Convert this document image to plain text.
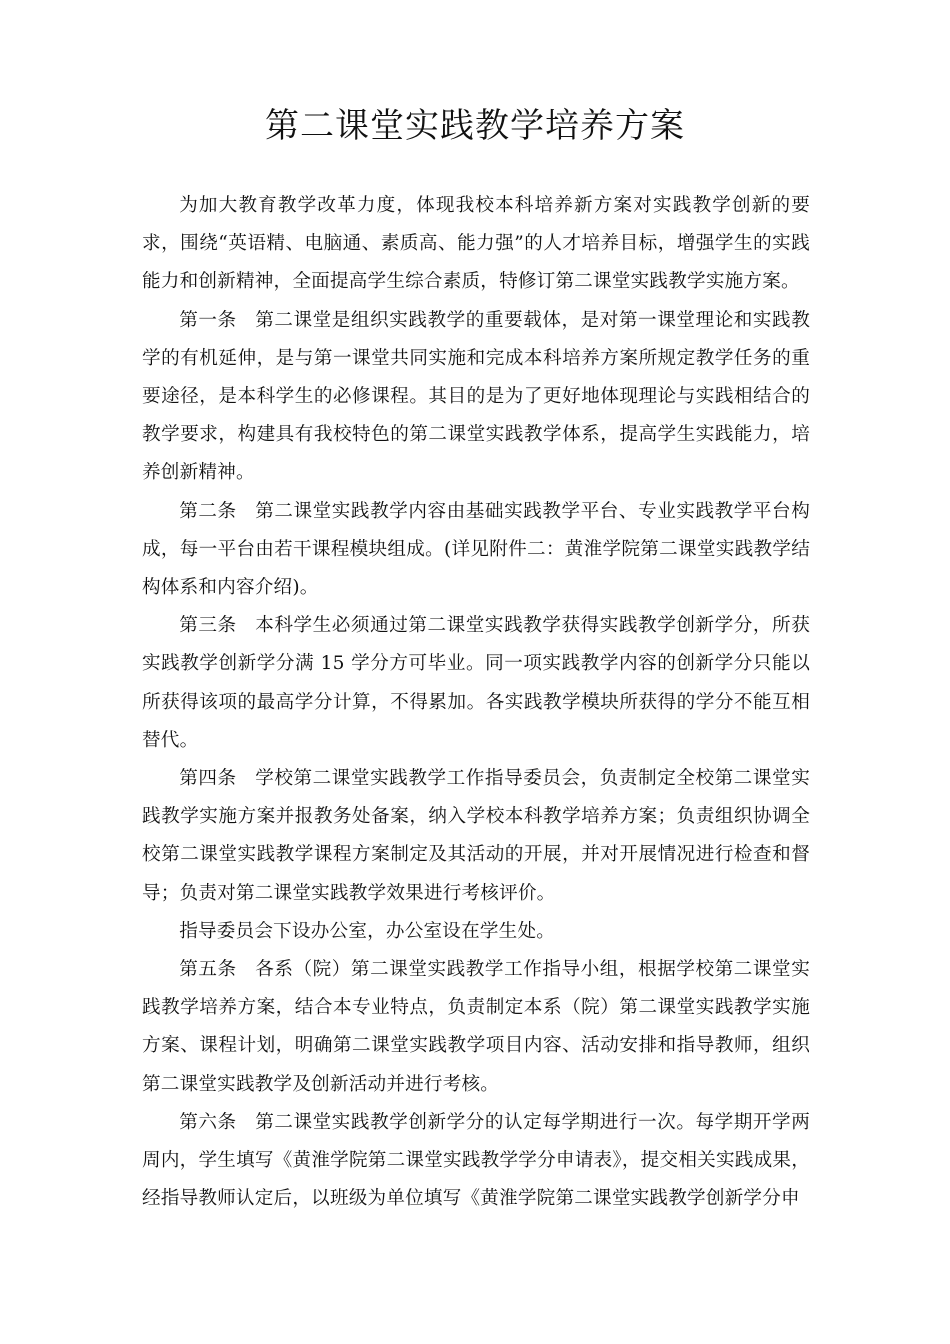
第二课堂实践教学培养方案

为加大教育教学改革力度，体现我校本科培养新方案对实践教学创新的要求，围绕“英语精、电脑通、素质高、能力强”的人才培养目标，增强学生的实践能力和创新精神，全面提高学生综合素质，特修订第二课堂实践教学实施方案。

第一条 第二课堂是组织实践教学的重要载体，是对第一课堂理论和实践教学的有机延伸，是与第一课堂共同实施和完成本科培养方案所规定教学任务的重要途径，是本科学生的必修课程。其目的是为了更好地体现理论与实践相结合的教学要求，构建具有我校特色的第二课堂实践教学体系，提高学生实践能力，培养创新精神。

第二条 第二课堂实践教学内容由基础实践教学平台、专业实践教学平台构成，每一平台由若干课程模块组成。(详见附件二：黄淮学院第二课堂实践教学结构体系和内容介绍)。

第三条 本科学生必须通过第二课堂实践教学获得实践教学创新学分，所获实践教学创新学分满 15 学分方可毕业。同一项实践教学内容的创新学分只能以所获得该项的最高学分计算，不得累加。各实践教学模块所获得的学分不能互相替代。

第四条 学校第二课堂实践教学工作指导委员会，负责制定全校第二课堂实践教学实施方案并报教务处备案，纳入学校本科教学培养方案；负责组织协调全校第二课堂实践教学课程方案制定及其活动的开展，并对开展情况进行检查和督导；负责对第二课堂实践教学效果进行考核评价。

指导委员会下设办公室，办公室设在学生处。

第五条 各系（院）第二课堂实践教学工作指导小组，根据学校第二课堂实践教学培养方案，结合本专业特点，负责制定本系（院）第二课堂实践教学实施方案、课程计划，明确第二课堂实践教学项目内容、活动安排和指导教师，组织第二课堂实践教学及创新活动并进行考核。

第六条 第二课堂实践教学创新学分的认定每学期进行一次。每学期开学两周内，学生填写《黄淮学院第二课堂实践教学学分申请表》，提交相关实践成果，经指导教师认定后，以班级为单位填写《黄淮学院第二课堂实践教学创新学分申
